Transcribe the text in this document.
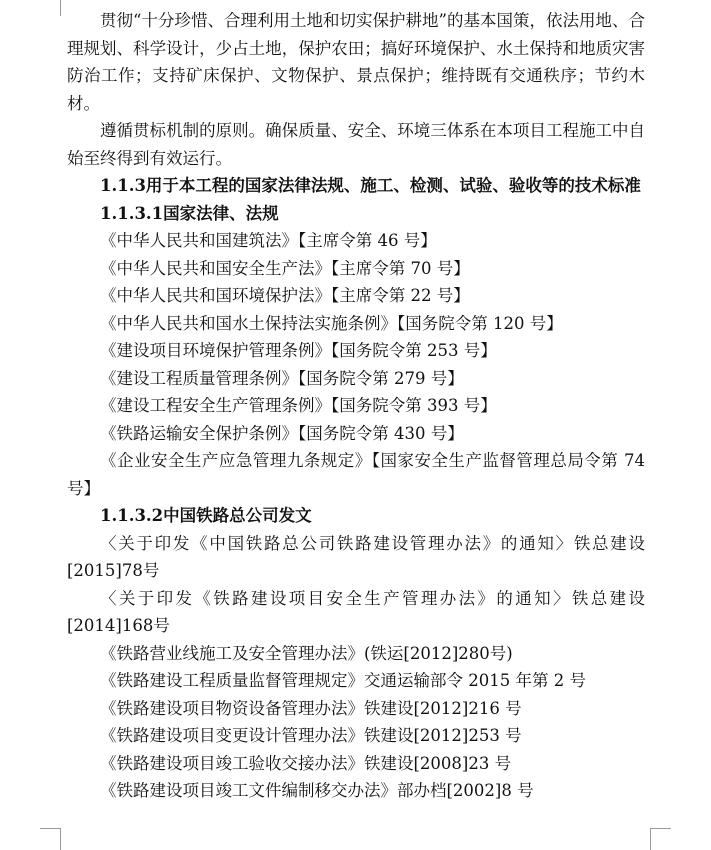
贯彻“十分珍惜、合理利用土地和切实保护耕地”的基本国策，依法用地、合理规划、科学设计，少占土地，保护农田；搞好环境保护、水土保持和地质灾害防治工作；支持矿床保护、文物保护、景点保护；维持既有交通秩序；节约木材。

遵循贯标机制的原则。确保质量、安全、环境三体系在本项目工程施工中自始至终得到有效运行。

1.1.3用于本工程的国家法律法规、施工、检测、试验、验收等的技术标准

1.1.3.1国家法律、法规

《中华人民共和国建筑法》【主席令第 46 号】

《中华人民共和国安全生产法》【主席令第 70 号】

《中华人民共和国环境保护法》【主席令第 22 号】

《中华人民共和国水土保持法实施条例》【国务院令第 120 号】

《建设项目环境保护管理条例》【国务院令第 253 号】

《建设工程质量管理条例》【国务院令第 279 号】

《建设工程安全生产管理条例》【国务院令第 393 号】

《铁路运输安全保护条例》【国务院令第 430 号】

《企业安全生产应急管理九条规定》【国家安全生产监督管理总局令第 74号】

1.1.3.2中国铁路总公司发文

〈关于印发《中国铁路总公司铁路建设管理办法》的通知〉铁总建设[2015]78号

〈关于印发《铁路建设项目安全生产管理办法》的通知〉铁总建设[2014]168号

《铁路营业线施工及安全管理办法》(铁运[2012]280号)

《铁路建设工程质量监督管理规定》交通运输部令 2015 年第 2 号

《铁路建设项目物资设备管理办法》铁建设[2012]216 号

《铁路建设项目变更设计管理办法》铁建设[2012]253 号

《铁路建设项目竣工验收交接办法》铁建设[2008]23 号

《铁路建设项目竣工文件编制移交办法》部办档[2002]8 号
